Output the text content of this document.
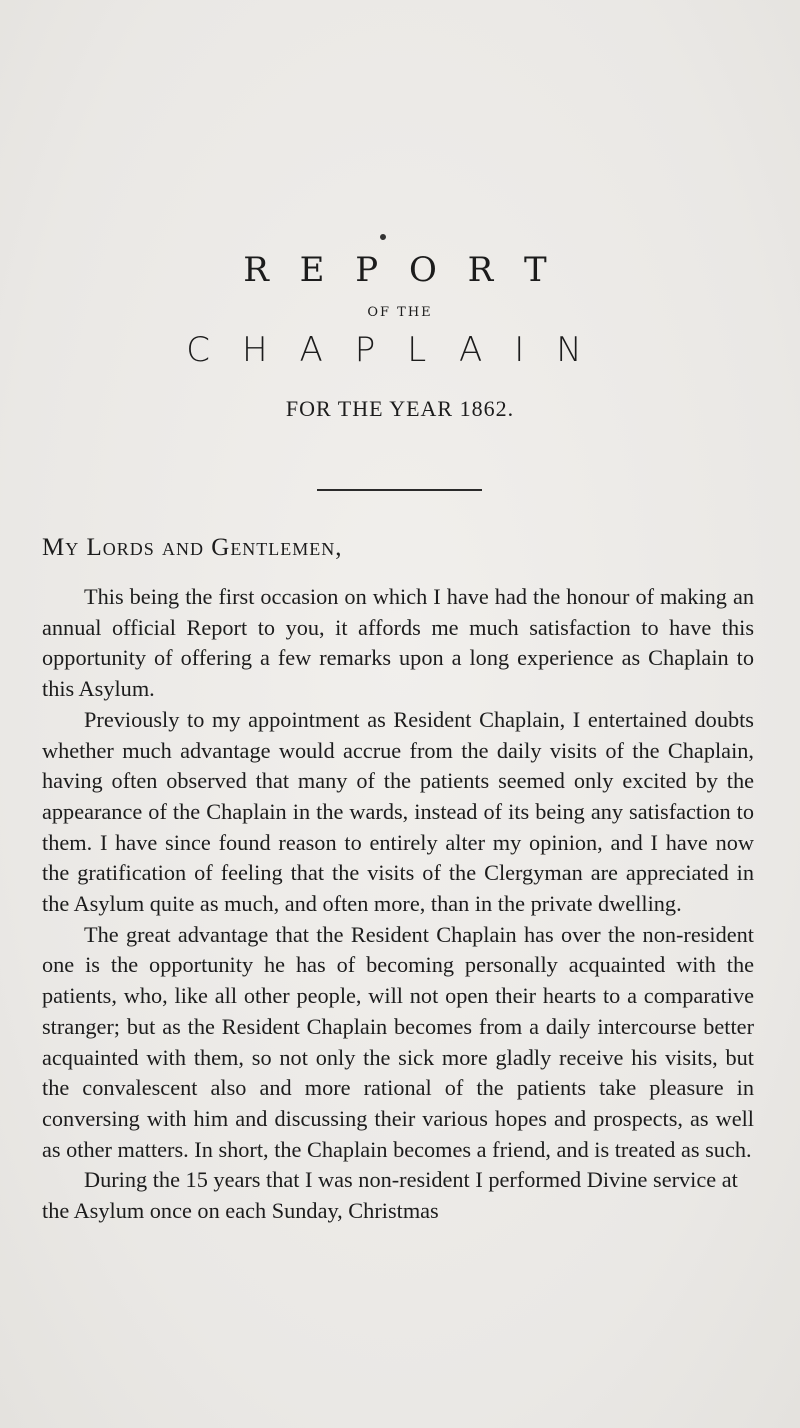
R E P O R T
OF THE
CHAPLAIN
FOR THE YEAR 1862.
My Lords and Gentlemen,

This being the first occasion on which I have had the honour of making an annual official Report to you, it affords me much satisfaction to have this opportunity of offering a few remarks upon a long experience as Chaplain to this Asylum.

Previously to my appointment as Resident Chaplain, I entertained doubts whether much advantage would accrue from the daily visits of the Chaplain, having often observed that many of the patients seemed only excited by the appearance of the Chaplain in the wards, instead of its being any satisfaction to them. I have since found reason to entirely alter my opinion, and I have now the gratification of feeling that the visits of the Clergyman are appreciated in the Asylum quite as much, and often more, than in the private dwelling.

The great advantage that the Resident Chaplain has over the non-resident one is the opportunity he has of becoming personally acquainted with the patients, who, like all other people, will not open their hearts to a comparative stranger; but as the Resident Chaplain becomes from a daily intercourse better acquainted with them, so not only the sick more gladly receive his visits, but the convalescent also and more rational of the patients take pleasure in conversing with him and discussing their various hopes and prospects, as well as other matters. In short, the Chaplain becomes a friend, and is treated as such.

During the 15 years that I was non-resident I performed Divine service at the Asylum once on each Sunday, Christmas
